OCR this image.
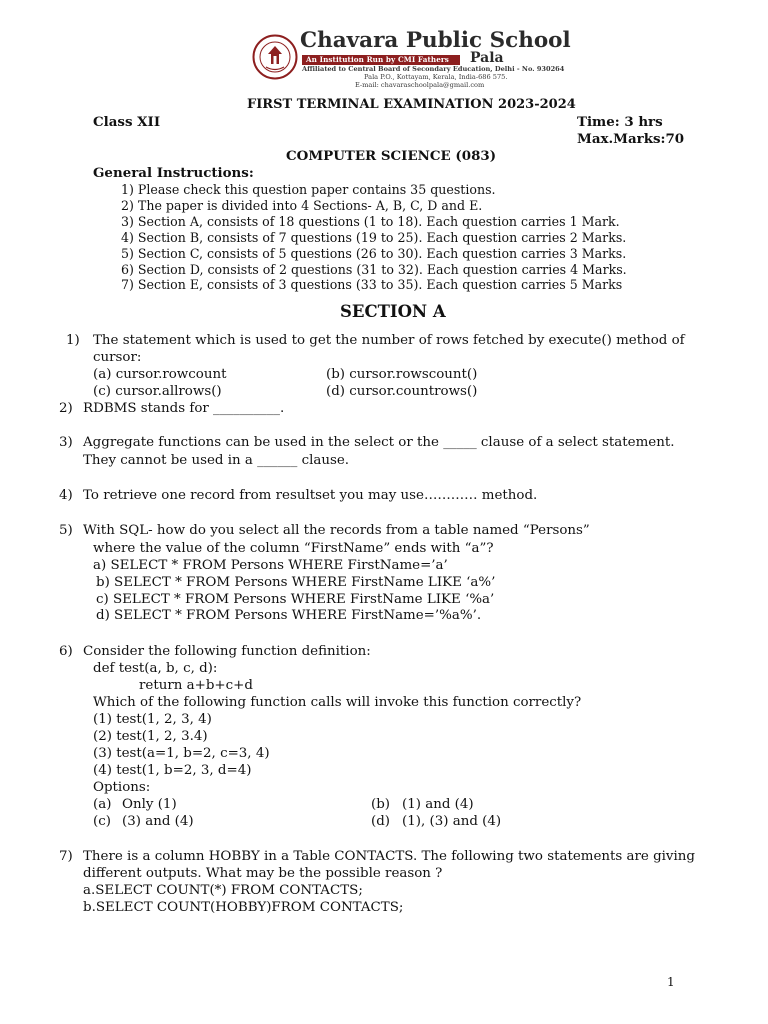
Chavara Public School
An Institution Run by CMI Fathers Pala
Affiliated to Central Board of Secondary Education, Delhi - No. 930264
Pala P.O., Kottayam, Kerala, India-686 575.
E-mail: chavaraschoolpala@gmail.com
FIRST TERMINAL EXAMINATION 2023-2024
Class XII	Time: 3 hrs
Max.Marks:70
COMPUTER SCIENCE (083)
General Instructions:
1) Please check this question paper contains 35 questions.
2) The paper is divided into 4 Sections- A, B, C, D and E.
3) Section A, consists of 18 questions (1 to 18). Each question carries 1 Mark.
4) Section B, consists of 7 questions (19 to 25). Each question carries 2 Marks.
5) Section C, consists of 5 questions (26 to 30). Each question carries 3 Marks.
6) Section D, consists of 2 questions (31 to 32). Each question carries 4 Marks.
7) Section E, consists of 3 questions (33 to 35). Each question carries 5 Marks
SECTION A
1) The statement which is used to get the number of rows fetched by execute() method of
cursor:
(a) cursor.rowcount	(b) cursor.rowscount()
(c) cursor.allrows()	(d) cursor.countrows()
2) RDBMS stands for __________.
3) Aggregate functions can be used in the select or the _____ clause of a select statement.
They cannot be used in a ______ clause.
4) To retrieve one record from resultset you may use………… method.
5) With SQL- how do you select all the records from a table named “Persons”
where the value of the column “FirstName” ends with “a”?
a) SELECT * FROM Persons WHERE FirstName=’a’
b) SELECT * FROM Persons WHERE FirstName LIKE ‘a%’
c) SELECT * FROM Persons WHERE FirstName LIKE ‘%a’
d) SELECT * FROM Persons WHERE FirstName=’%a%’.
6) Consider the following function definition:
def test(a, b, c, d):
return a+b+c+d
Which of the following function calls will invoke this function correctly?
(1) test(1, 2, 3, 4)
(2) test(1, 2, 3.4)
(3) test(a=1, b=2, c=3, 4)
(4) test(1, b=2, 3, d=4)
Options:
(a) Only (1)	(b) (1) and (4)
(c) (3) and (4)	(d) (1), (3) and (4)
7) There is a column HOBBY in a Table CONTACTS. The following two statements are giving
different outputs. What may be the possible reason ?
a.SELECT COUNT(*) FROM CONTACTS;
b.SELECT COUNT(HOBBY)FROM CONTACTS;
1
